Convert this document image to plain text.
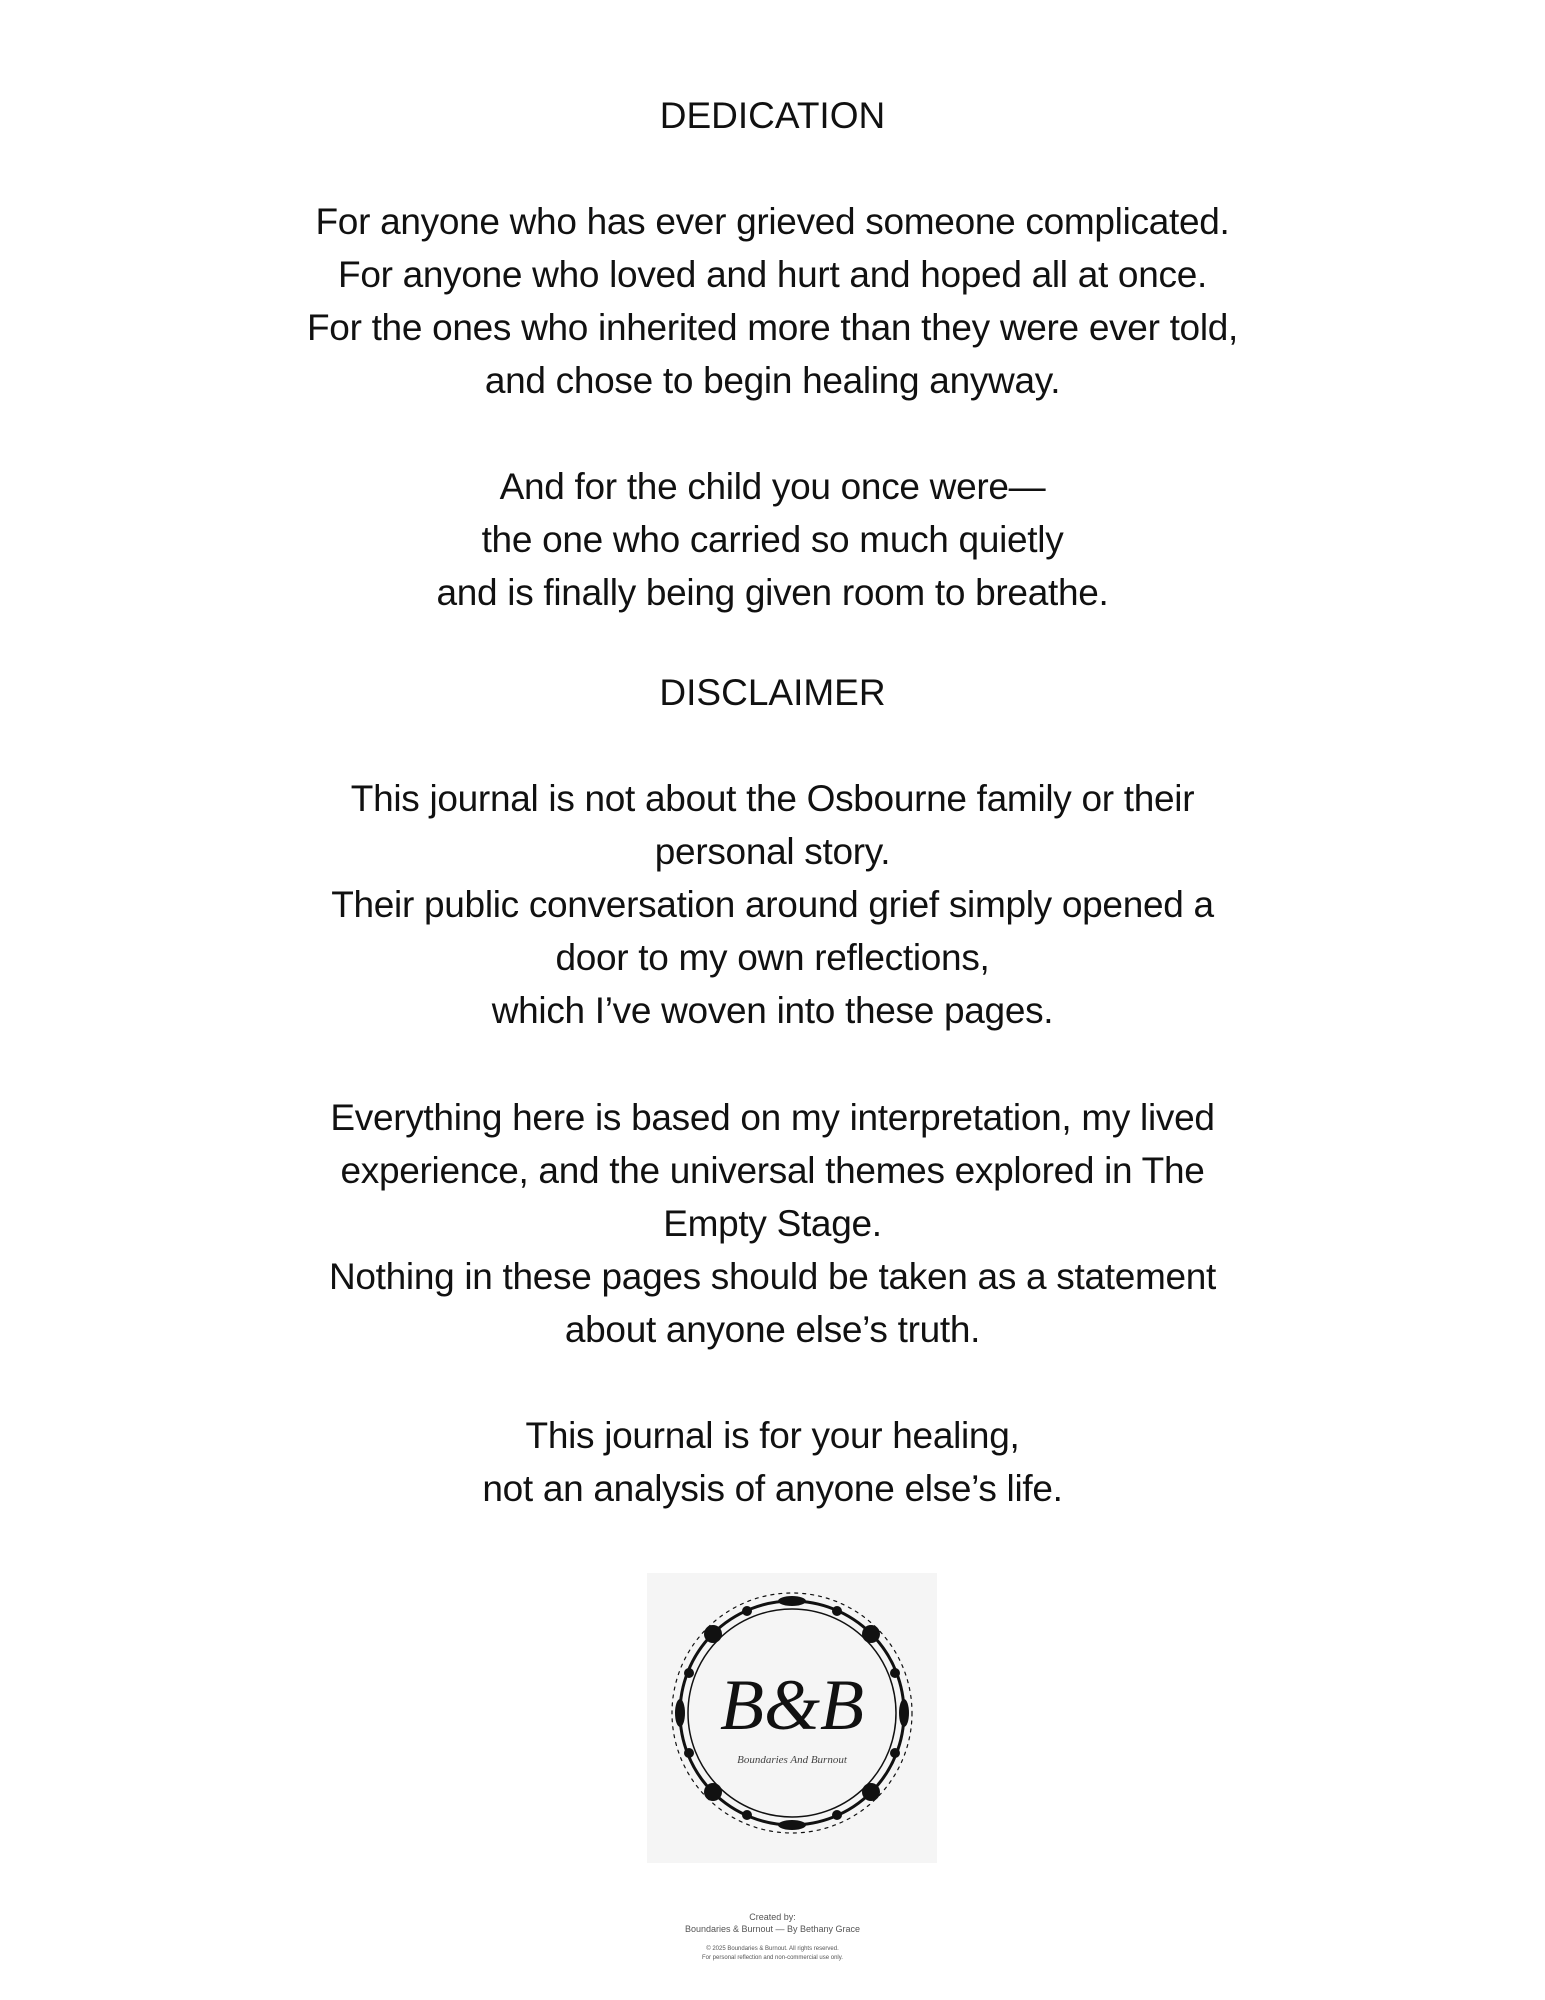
DEDICATION
For anyone who has ever grieved someone complicated.
For anyone who loved and hurt and hoped all at once.
For the ones who inherited more than they were ever told,
and chose to begin healing anyway.
And for the child you once were—
the one who carried so much quietly
and is finally being given room to breathe.
DISCLAIMER
This journal is not about the Osbourne family or their
personal story.
Their public conversation around grief simply opened a
door to my own reflections,
which I’ve woven into these pages.
Everything here is based on my interpretation, my lived
experience, and the universal themes explored in The
Empty Stage.
Nothing in these pages should be taken as a statement
about anyone else’s truth.
This journal is for your healing,
not an analysis of anyone else’s life.
B&B
Boundaries And Burnout
Created by:
Boundaries & Burnout — By Bethany Grace
© 2025 Boundaries & Burnout. All rights reserved.
For personal reflection and non-commercial use only.
